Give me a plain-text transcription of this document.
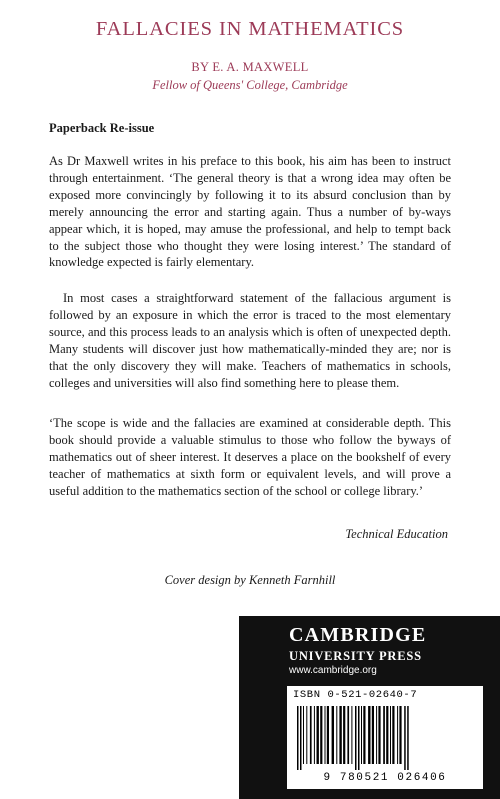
FALLACIES IN MATHEMATICS
BY E. A. MAXWELL
Fellow of Queens' College, Cambridge
Paperback Re-issue
As Dr Maxwell writes in his preface to this book, his aim has been to instruct through entertainment. ‘The general theory is that a wrong idea may often be exposed more convincingly by following it to its absurd conclusion than by merely announcing the error and starting again. Thus a number of by-ways appear which, it is hoped, may amuse the professional, and help to tempt back to the subject those who thought they were losing interest.’ The standard of knowledge expected is fairly elementary.
In most cases a straightforward statement of the fallacious argument is followed by an exposure in which the error is traced to the most elementary source, and this process leads to an analysis which is often of unexpected depth. Many students will discover just how mathematically-minded they are; nor is that the only discovery they will make. Teachers of mathematics in schools, colleges and universities will also find something here to please them.
‘The scope is wide and the fallacies are examined at considerable depth. This book should provide a valuable stimulus to those who follow the byways of mathematics out of sheer interest. It deserves a place on the bookshelf of every teacher of mathematics at sixth form or equivalent levels, and will prove a useful addition to the mathematics section of the school or college library.’
Technical Education
Cover design by Kenneth Farnhill
CAMBRIDGE
UNIVERSITY PRESS
www.cambridge.org
ISBN 0-521-02640-7
9 780521 026406
